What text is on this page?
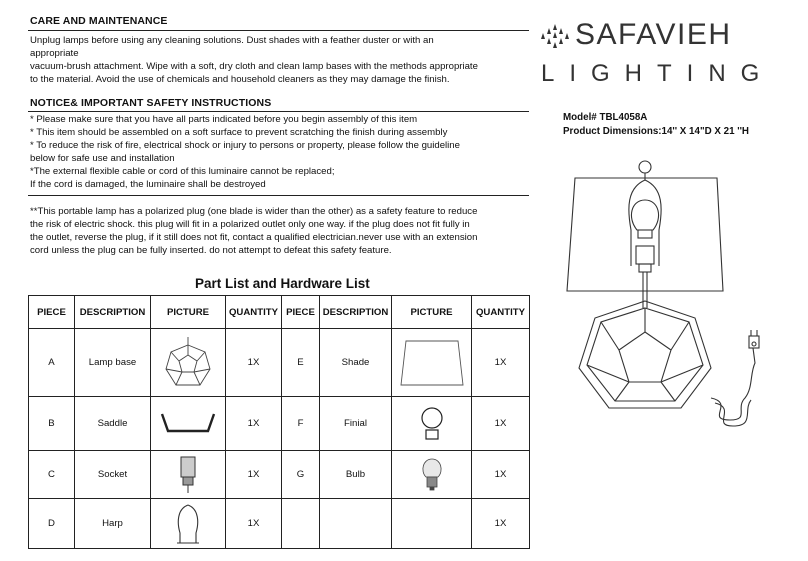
CARE AND MAINTENANCE
Unplug lamps before using any cleaning solutions. Dust shades with a feather duster or with an
appropriate
vacuum-brush attachment. Wipe with a soft, dry cloth and clean lamp bases with the methods appropriate
to the material. Avoid the use of chemicals and household cleaners as they may damage the finish.
NOTICE& IMPORTANT SAFETY INSTRUCTIONS
* Please make sure that you have all parts indicated before you begin assembly of this item
* This item should be assembled on a soft surface to prevent scratching the finish during assembly
* To reduce the risk of fire, electrical shock or injury to persons or property, please follow the guideline
below for safe use and installation
*The external flexible cable or cord of this luminaire cannot be replaced;
If the cord is damaged, the luminaire shall be destroyed
**This portable lamp has a polarized plug (one blade is wider than the other) as a safety feature to reduce
the risk of electric shock. this plug will fit in a polarized outlet only one way. if the plug does not fit fully in
the outlet, reverse the plug, if it still does not fit, contact a qualified electrician.never use with an extension
cord unless the plug can be fully inserted. do not attempt to defeat this safety feature.
SAFAVIEH
LIGHTING
Model# TBL4058A
Product Dimensions:14'' X 14"D X 21 ''H
Part List and Hardware List
PIECE	DESCRIPTION	PICTURE	QUANTITY	PIECE	DESCRIPTION	PICTURE	QUANTITY
A	Lamp base		1X	E	Shade		1X
B	Saddle		1X	F	Finial		1X
C	Socket		1X	G	Bulb		1X
D	Harp		1X				1X
